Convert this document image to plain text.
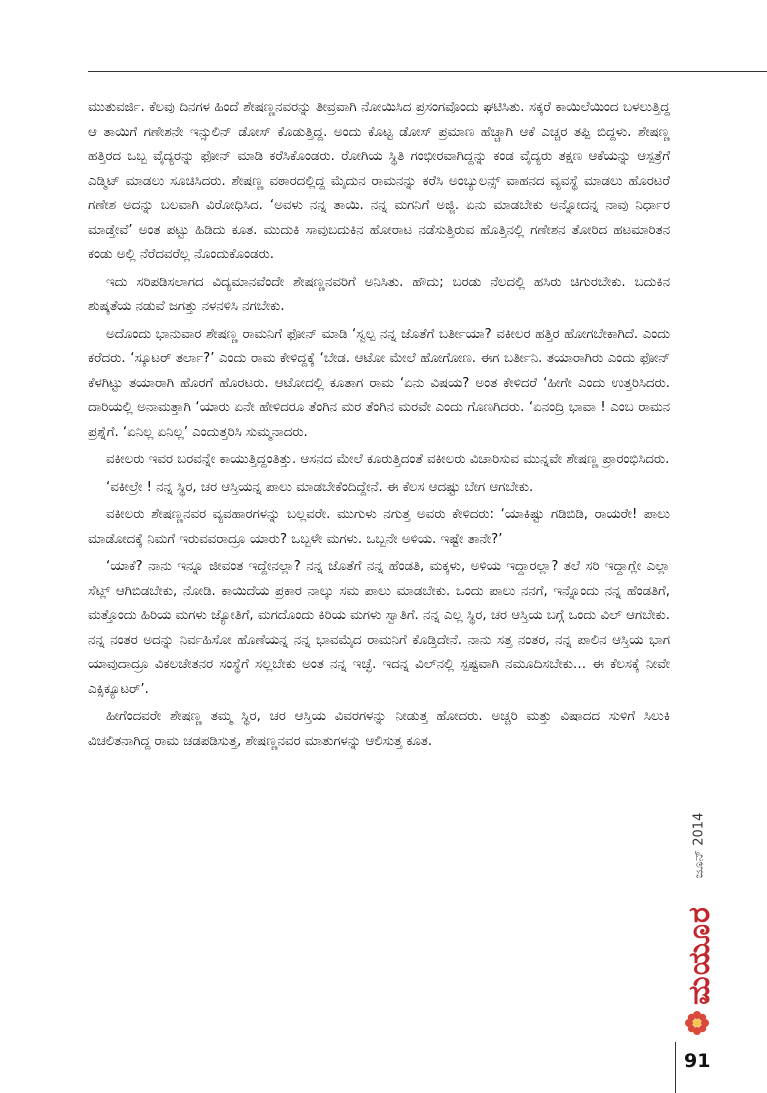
ಮುತುವರ್ಜಿ. ಕೆಲವು ದಿನಗಳ ಹಿಂದೆ ಶೇಷಣ್ಣನವರನ್ನು ತೀವ್ರವಾಗಿ ನೋಯಿಸಿದ ಪ್ರಸಂಗವೊಂದು ಘಟಿಸಿತು. ಸಕ್ಕರೆ ಕಾಯಿಲೆಯಿಂದ ಬಳಲುತ್ತಿದ್ದ ಆ ತಾಯಿಗೆ ಗಣೇಶನೇ ಇನ್ಸುಲಿನ್ ಡೋಸ್ ಕೊಡುತ್ತಿದ್ದ. ಅಂದು ಕೊಟ್ಟ ಡೋಸ್ ಪ್ರಮಾಣ ಹೆಚ್ಚಾಗಿ ಆಕೆ ಎಚ್ಚರ ತಪ್ಪಿ ಬಿದ್ದಳು. ಶೇಷಣ್ಣ ಹತ್ತಿರದ ಒಬ್ಬ ವೈದ್ಯರನ್ನು ಫೋನ್ ಮಾಡಿ ಕರೆಸಿಕೊಂಡರು. ರೋಗಿಯ ಸ್ಥಿತಿ ಗಂಭೀರವಾಗಿದ್ದನ್ನು ಕಂಡ ವೈದ್ಯರು ತಕ್ಷಣ ಆಕೆಯನ್ನು ಆಸ್ಪತ್ರೆಗೆ ಎಡ್ಮಿಟ್ ಮಾಡಲು ಸೂಚಿಸಿದರು. ಶೇಷಣ್ಣ ವಠಾರದಲ್ಲಿದ್ದ ಮೈದುನ ರಾಮನನ್ನು ಕರೆಸಿ ಅಂಬ್ಯುಲನ್ಸ್ ವಾಹನದ ವ್ಯವಸ್ಥೆ ಮಾಡಲು ಹೊರಟರೆ ಗಣೇಶ ಅದನ್ನು ಬಲವಾಗಿ ವಿರೋಧಿಸಿದ. ‘ಅವಳು ನನ್ನ ತಾಯಿ. ನನ್ನ ಮಗನಿಗೆ ಅಜ್ಜಿ. ಏನು ಮಾಡಬೇಕು ಅನ್ನೋದನ್ನ ನಾವು ನಿರ್ಧಾರ ಮಾಡ್ತೇವೆ’ ಅಂತ ಪಟ್ಟು ಹಿಡಿದು ಕೂತ. ಮುದುಕಿ ಸಾವುಬದುಕಿನ ಹೋರಾಟ ನಡೆಸುತ್ತಿರುವ ಹೊತ್ತಿನಲ್ಲಿ ಗಣೇಶನ ತೋರಿದ ಹಟಮಾರಿತನ ಕಂಡು ಅಲ್ಲಿ ನೆರೆದವರೆಲ್ಲ ನೊಂದುಕೊಂಡರು.

ಇದು ಸರಿಪಡಿಸಲಾಗದ ವಿದ್ಯಮಾನವೆಂದೇ ಶೇಷಣ್ಣನವರಿಗೆ ಅನಿಸಿತು. ಹೌದು; ಬರಡು ನೆಲದಲ್ಲಿ ಹಸಿರು ಚಿಗುರಬೇಕು. ಬದುಕಿನ ಶುಷ್ಕತೆಯ ನಡುವೆ ಜಗತ್ತು ನಳನಳಿಸಿ ನಗಬೇಕು.

ಅದೊಂದು ಭಾನುವಾರ ಶೇಷಣ್ಣ ರಾಮನಿಗೆ ಫೋನ್ ಮಾಡಿ ‘ಸ್ವಲ್ಪ ನನ್ನ ಜೊತೆಗೆ ಬರ್ತೀಯಾ? ವಕೀಲರ ಹತ್ತಿರ ಹೋಗಬೇಕಾಗಿದೆ. ಎಂದು ಕರೆದರು. ‘ಸ್ಕೂಟರ್ ತರ್ಲಾ?’ ಎಂದು ರಾಮ ಕೇಳಿದ್ದಕ್ಕೆ ‘ಬೇಡ. ಆಟೋ ಮೇಲೆ ಹೋಗೋಣ. ಈಗ ಬರ್ತೀನಿ. ತಯಾರಾಗಿರು ಎಂದು ಫೋನ್ ಕೆಳಗಿಟ್ಟು ತಯಾರಾಗಿ ಹೊರಗೆ ಹೊರಟರು. ಆಟೋದಲ್ಲಿ ಕೂತಾಗ ರಾಮ ‘ಏನು ವಿಷಯ? ಅಂತ ಕೇಳಿದರೆ ‘ಹೀಗೇ ಎಂದು ಉತ್ತರಿಸಿದರು. ದಾರಿಯಲ್ಲಿ ಅನಾಮತ್ತಾಗಿ ‘ಯಾರು ಏನೇ ಹೇಳಿದರೂ ತೆಂಗಿನ ಮರ ತೆಂಗಿನ ಮರವೇ ಎಂದು ಗೊಣಗಿದರು. ‘ಏನಂದ್ರಿ ಭಾವಾ ! ಎಂಬ ರಾಮನ ಪ್ರಶ್ನೆಗೆ. ‘ಏನಿಲ್ಲ ಏನಿಲ್ಲ’ ಎಂದುತ್ತರಿಸಿ ಸುಮ್ಮನಾದರು.

ವಕೀಲರು ಇವರ ಬರವನ್ನೇ ಕಾಯುತ್ತಿದ್ದಂತಿತ್ತು. ಆಸನದ ಮೇಲೆ ಕೂರುತ್ತಿದಂತೆ ವಕೀಲರು ವಿಚಾರಿಸುವ ಮುನ್ನವೇ ಶೇಷಣ್ಣ ಪ್ರಾರಂಭಿಸಿದರು.

‘ವಕೀಲ್ರೇ ! ನನ್ನ ಸ್ಥಿರ, ಚರ ಆಸ್ತಿಯನ್ನ ಪಾಲು ಮಾಡಬೇಕೆಂದಿದ್ದೇನೆ. ಈ ಕೆಲಸ ಆದಷ್ಟು ಬೇಗ ಆಗಬೇಕು.

ವಕೀಲರು ಶೇಷಣ್ಣನವರ ವ್ಯವಹಾರಗಳನ್ನು ಬಲ್ಲವರೇ. ಮುಗುಳು ನಗುತ್ತ ಅವರು ಕೇಳಿದರು: ‘ಯಾಕಿಷ್ಟು ಗಡಿಬಿಡಿ, ರಾಯರೇ! ಪಾಲು ಮಾಡೋದಕ್ಕೆ ನಿಮಗೆ ಇರುವವರಾದ್ರೂ ಯಾರು? ಒಬ್ಬಳೇ ಮಗಳು. ಒಬ್ಬನೇ ಅಳಿಯ. ಇಷ್ಟೇ ತಾನೇ?’

‘ಯಾಕೆ? ನಾನು ಇನ್ನೂ ಜೀವಂತ ಇದ್ದೇನಲ್ಲಾ? ನನ್ನ ಜೊತೆಗೆ ನನ್ನ ಹೆಂಡತಿ, ಮಕ್ಕಳು, ಅಳಿಯ ಇದ್ದಾರಲ್ಲಾ? ತಲೆ ಸರಿ ಇದ್ದಾಗ್ಲೇ ಎಲ್ಲಾ ಸೆಟ್ಲ್ ಆಗಿಬಿಡಬೇಕು, ನೋಡಿ. ಕಾಯಿದೆಯ ಪ್ರಕಾರ ನಾಲ್ಕು ಸಮ ಪಾಲು ಮಾಡಬೇಕು. ಒಂದು ಪಾಲು ನನಗೆ, ಇನ್ನೊಂದು ನನ್ನ ಹೆಂಡತಿಗೆ, ಮತ್ತೊಂದು ಹಿರಿಯ ಮಗಳು ಜ್ಯೋತಿಗೆ, ಮಗದೊಂದು ಕಿರಿಯ ಮಗಳು ಸ್ವಾತಿಗೆ. ನನ್ನ ಎಲ್ಲ ಸ್ಥಿರ, ಚರ ಆಸ್ತಿಯ ಬಗ್ಗೆ ಒಂದು ವಿಲ್ ಆಗಬೇಕು. ನನ್ನ ನಂತರ ಅದನ್ನು ನಿರ್ವಹಿಸೋ ಹೊಣೆಯನ್ನ ನನ್ನ ಭಾವಮೈದ ರಾಮನಿಗೆ ಕೊಡ್ತಿದೇನೆ. ನಾನು ಸತ್ತ ನಂತರ, ನನ್ನ ಪಾಲಿನ ಆಸ್ತಿಯ ಭಾಗ ಯಾವುದಾದ್ರೂ ವಿಕಲಚೇತನರ ಸಂಸ್ಥೆಗೆ ಸಲ್ಲಬೇಕು ಅಂತ ನನ್ನ ಇಚ್ಛೆ. ಇದನ್ನ ವಿಲ್‌ನಲ್ಲಿ ಸ್ಪಷ್ಟವಾಗಿ ನಮೂದಿಸಬೇಕು… ಈ ಕೆಲಸಕ್ಕೆ ನೀವೇ ಎಕ್ಸಿಕ್ಯೂಟರ್’.

ಹೀಗೆಂದವರೇ ಶೇಷಣ್ಣ ತಮ್ಮ ಸ್ಥಿರ, ಚರ ಆಸ್ತಿಯ ವಿವರಗಳನ್ನು ನೀಡುತ್ತ ಹೋದರು. ಅಚ್ಚರಿ ಮತ್ತು ವಿಷಾದದ ಸುಳಿಗೆ ಸಿಲುಕಿ ವಿಚಲಿತನಾಗಿದ್ದ ರಾಮ ಚಡಪಡಿಸುತ್ತ, ಶೇಷಣ್ಣನವರ ಮಾತುಗಳನ್ನು ಆಲಿಸುತ್ತ ಕೂತ.

ಜೂನ್ 2014
ಮಯೂರ
91
